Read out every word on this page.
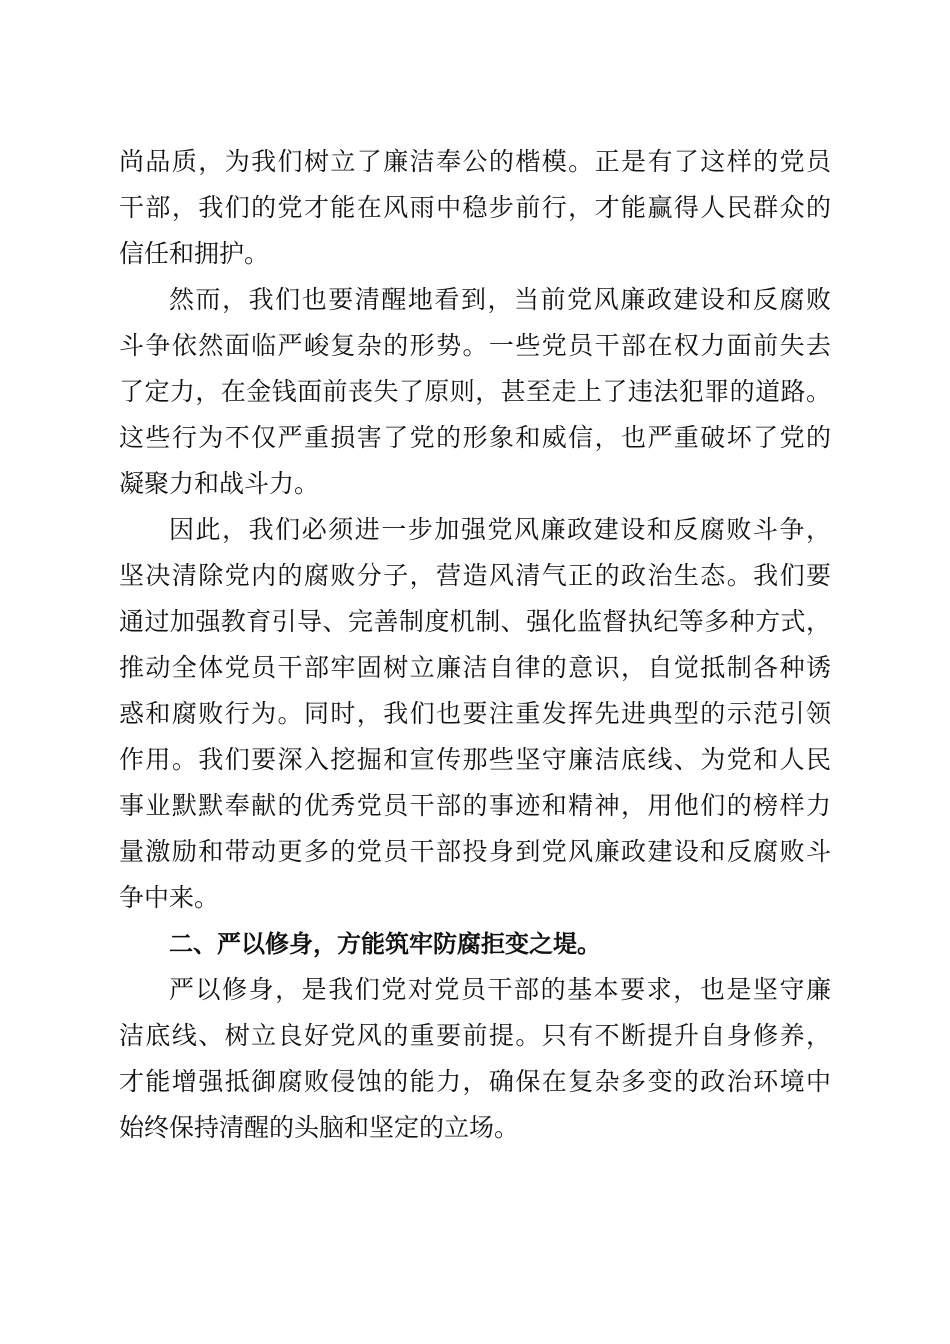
尚品质，为我们树立了廉洁奉公的楷模。正是有了这样的党员
干部，我们的党才能在风雨中稳步前行，才能赢得人民群众的
信任和拥护。
然而，我们也要清醒地看到，当前党风廉政建设和反腐败
斗争依然面临严峻复杂的形势。一些党员干部在权力面前失去
了定力，在金钱面前丧失了原则，甚至走上了违法犯罪的道路。
这些行为不仅严重损害了党的形象和威信，也严重破坏了党的
凝聚力和战斗力。
因此，我们必须进一步加强党风廉政建设和反腐败斗争，
坚决清除党内的腐败分子，营造风清气正的政治生态。我们要
通过加强教育引导、完善制度机制、强化监督执纪等多种方式，
推动全体党员干部牢固树立廉洁自律的意识，自觉抵制各种诱
惑和腐败行为。同时，我们也要注重发挥先进典型的示范引领
作用。我们要深入挖掘和宣传那些坚守廉洁底线、为党和人民
事业默默奉献的优秀党员干部的事迹和精神，用他们的榜样力
量激励和带动更多的党员干部投身到党风廉政建设和反腐败斗
争中来。
二、严以修身，方能筑牢防腐拒变之堤。
严以修身，是我们党对党员干部的基本要求，也是坚守廉
洁底线、树立良好党风的重要前提。只有不断提升自身修养，
才能增强抵御腐败侵蚀的能力，确保在复杂多变的政治环境中
始终保持清醒的头脑和坚定的立场。
